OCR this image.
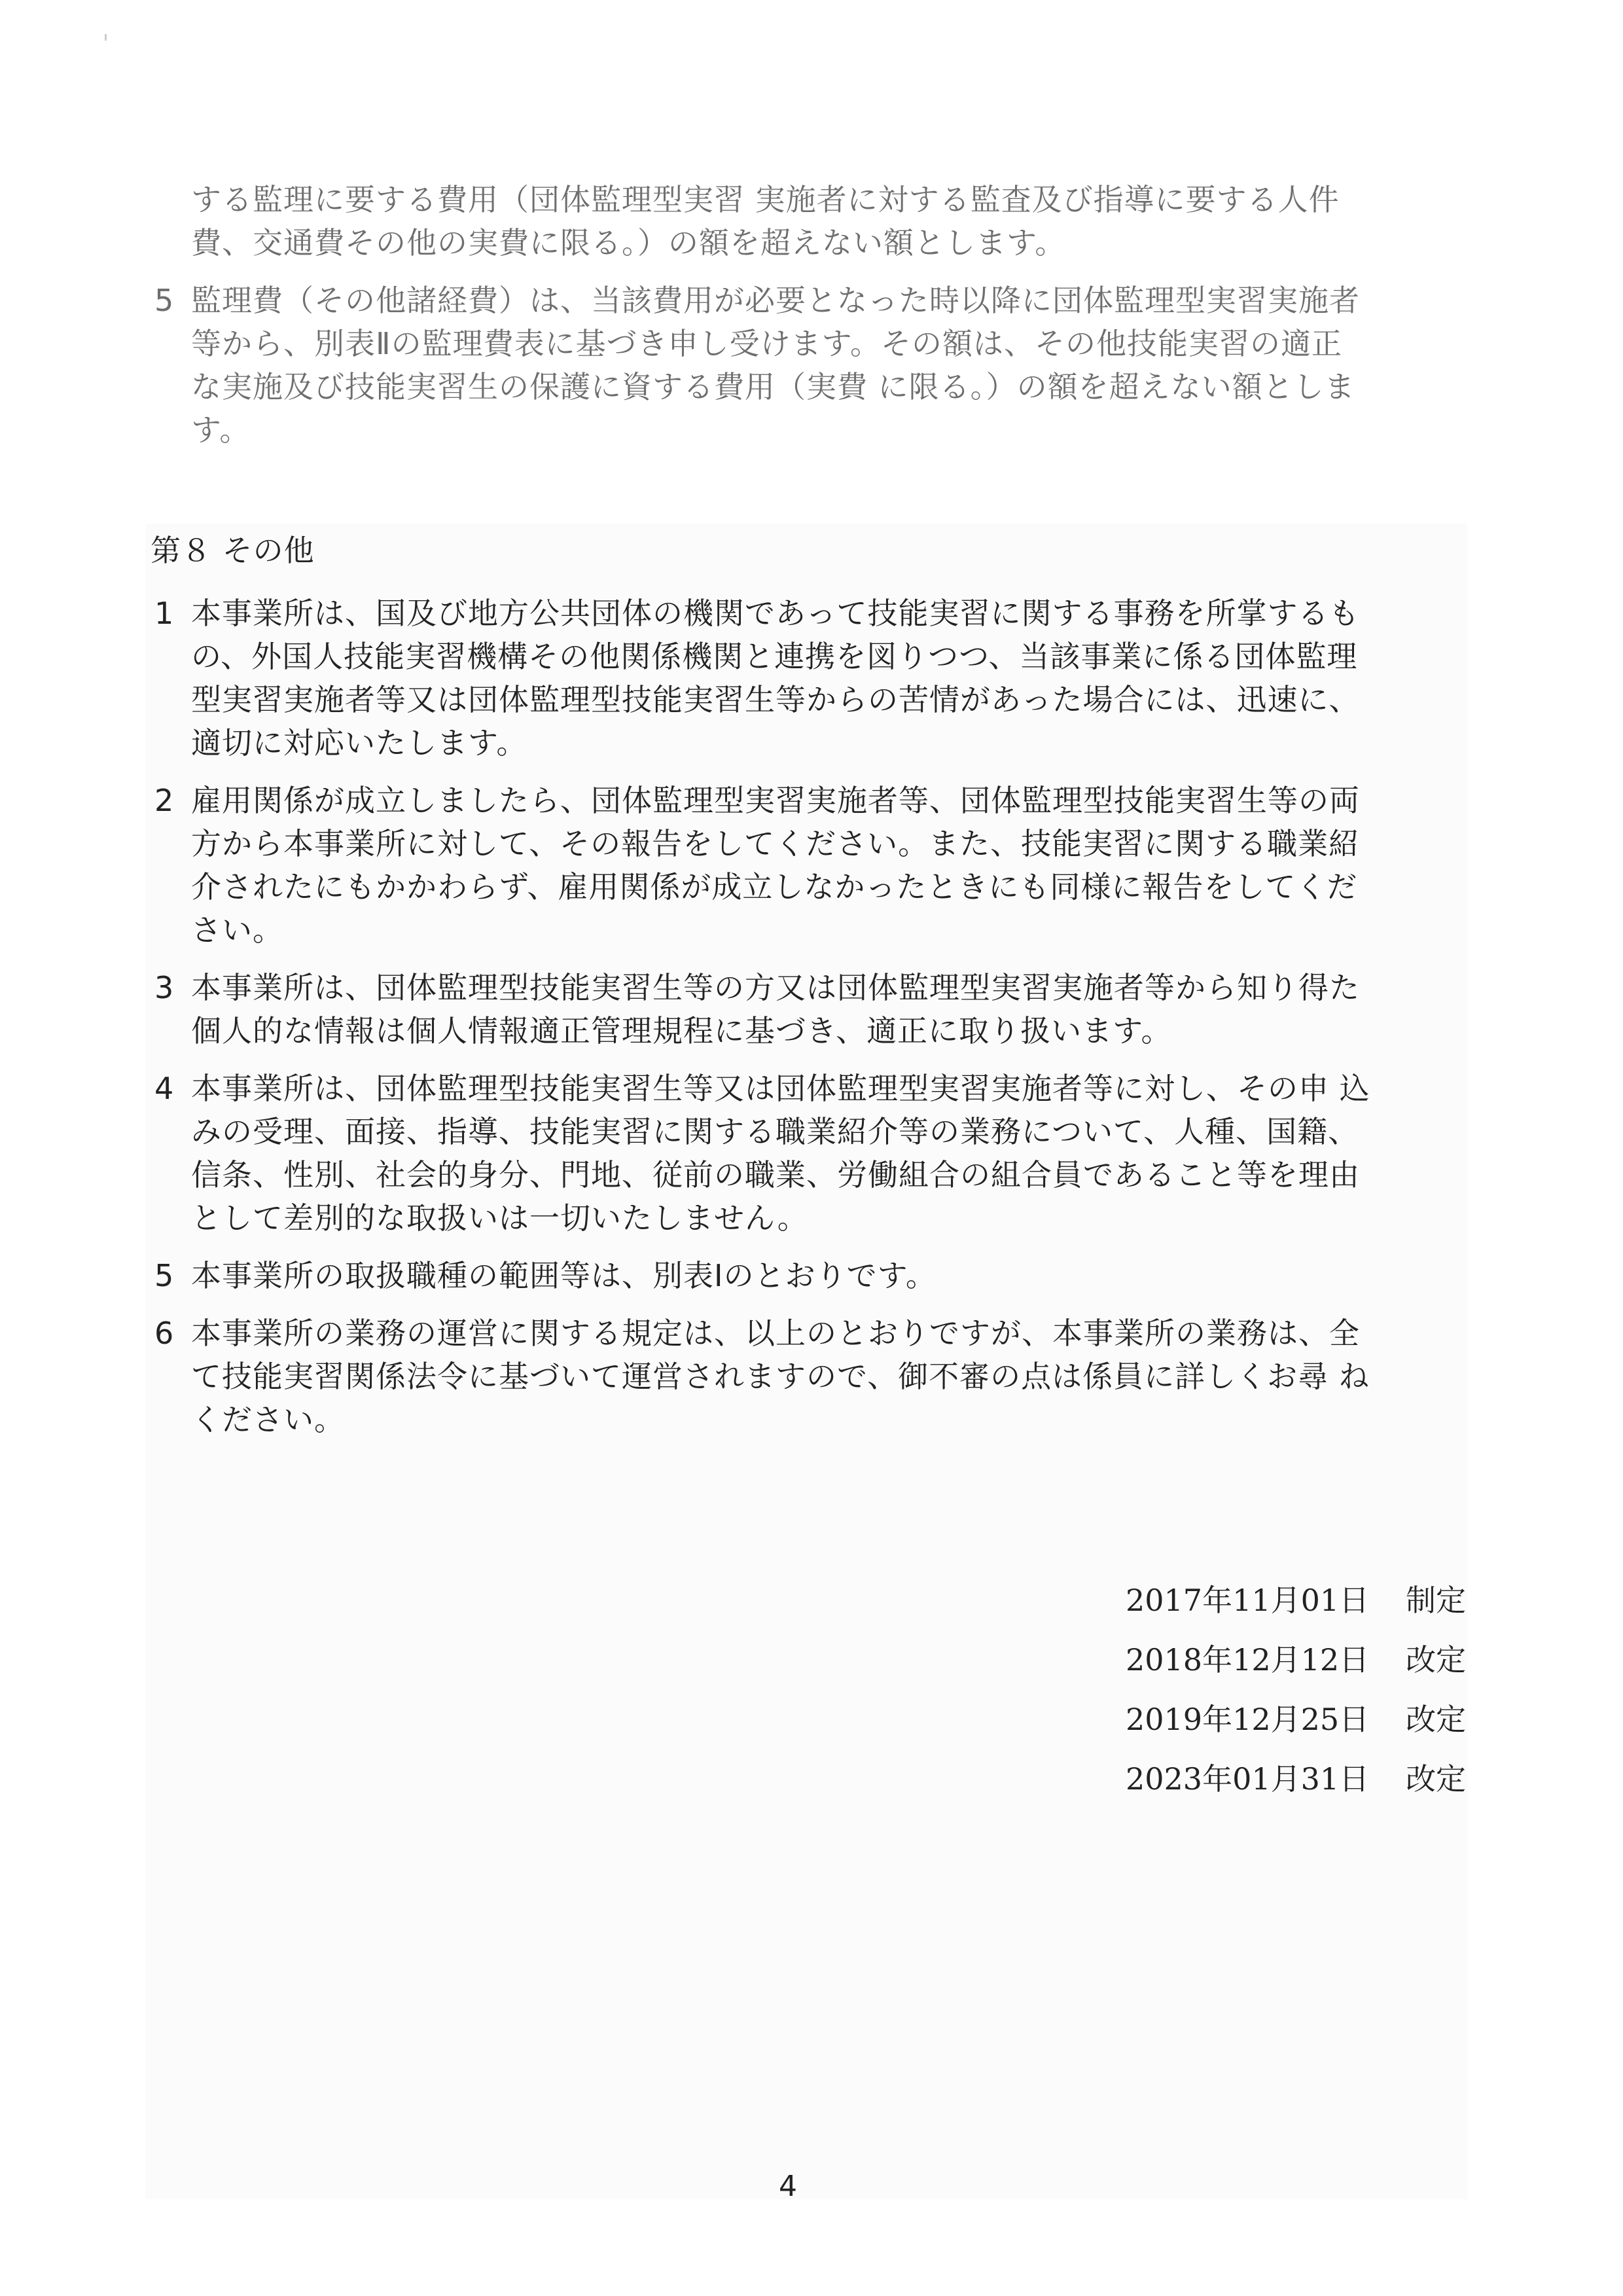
する監理に要する費用（団体監理型実習 実施者に対する監査及び指導に要する人件
費、交通費その他の実費に限る。）の額を超えない額とします。
5 監理費（その他諸経費）は、当該費用が必要となった時以降に団体監理型実習実施者
等から、別表Ⅱの監理費表に基づき申し受けます。その額は、その他技能実習の適正
な実施及び技能実習生の保護に資する費用（実費 に限る。）の額を超えない額としま
す。
第８ その他
1 本事業所は、国及び地方公共団体の機関であって技能実習に関する事務を所掌するも
の、外国人技能実習機構その他関係機関と連携を図りつつ、当該事業に係る団体監理
型実習実施者等又は団体監理型技能実習生等からの苦情があった場合には、迅速に、
適切に対応いたします。
2 雇用関係が成立しましたら、団体監理型実習実施者等、団体監理型技能実習生等の両
方から本事業所に対して、その報告をしてください。また、技能実習に関する職業紹
介されたにもかかわらず、雇用関係が成立しなかったときにも同様に報告をしてくだ
さい。
3 本事業所は、団体監理型技能実習生等の方又は団体監理型実習実施者等から知り得た
個人的な情報は個人情報適正管理規程に基づき、適正に取り扱います。
4 本事業所は、団体監理型技能実習生等又は団体監理型実習実施者等に対し、その申 込
みの受理、面接、指導、技能実習に関する職業紹介等の業務について、人種、国籍、
信条、性別、社会的身分、門地、従前の職業、労働組合の組合員であること等を理由
として差別的な取扱いは一切いたしません。
5 本事業所の取扱職種の範囲等は、別表Ⅰのとおりです。
6 本事業所の業務の運営に関する規定は、以上のとおりですが、本事業所の業務は、全
て技能実習関係法令に基づいて運営されますので、御不審の点は係員に詳しくお尋 ね
ください。
2017年11月01日 制定
2018年12月12日 改定
2019年12月25日 改定
2023年01月31日 改定
4
